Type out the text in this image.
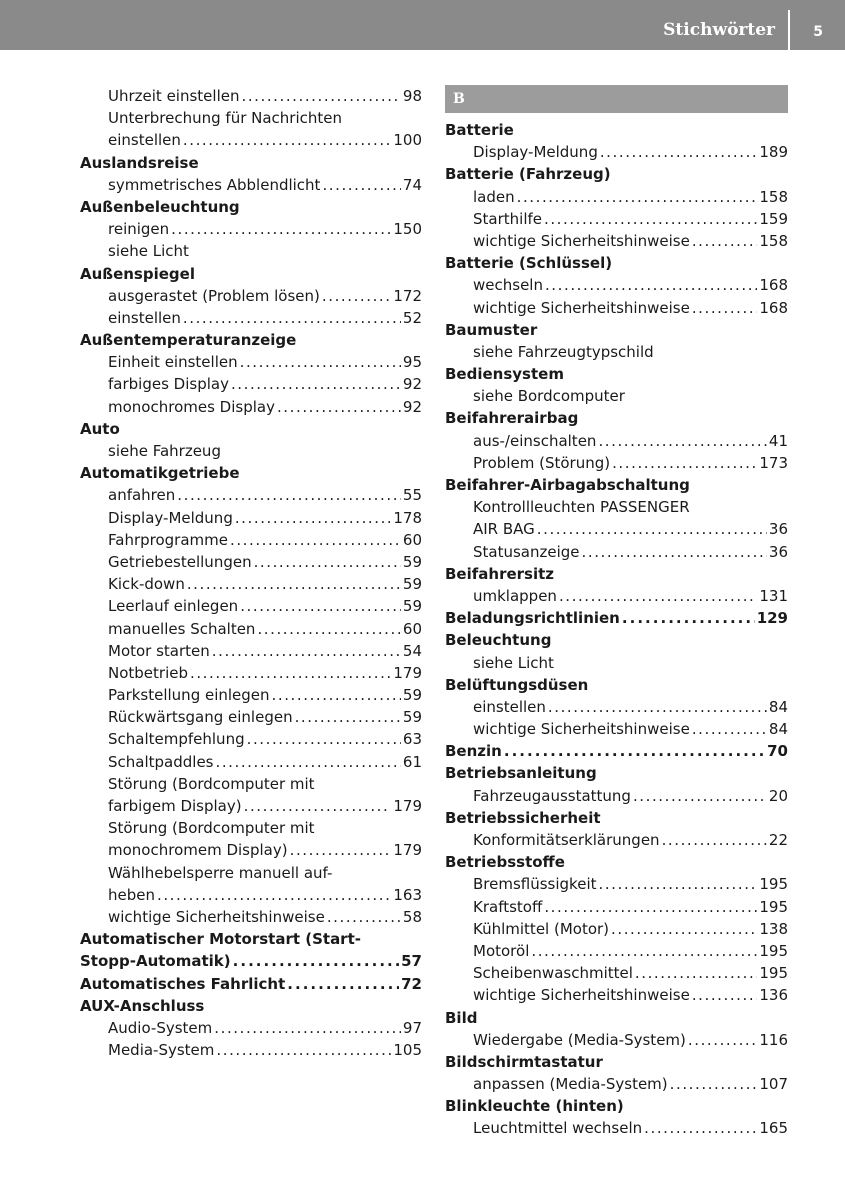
Stichwörter	5
Uhrzeit einstellen . . .	98
Unterbrechung für Nachrichten
einstellen . . .	100
Auslandsreise
symmetrisches Abblendlicht . . .	74
Außenbeleuchtung
reinigen . . .	150
siehe Licht
Außenspiegel
ausgerastet (Problem lösen) . . .	172
einstellen . . .	52
Außentemperaturanzeige
Einheit einstellen . . .	95
farbiges Display . . .	92
monochromes Display . . .	92
Auto
siehe Fahrzeug
Automatikgetriebe
anfahren . . .	55
Display-Meldung . . .	178
Fahrprogramme . . .	60
Getriebestellungen . . .	59
Kick-down . . .	59
Leerlauf einlegen . . .	59
manuelles Schalten . . .	60
Motor starten . . .	54
Notbetrieb . . .	179
Parkstellung einlegen . . .	59
Rückwärtsgang einlegen . . .	59
Schaltempfehlung . . .	63
Schaltpaddles . . .	61
Störung (Bordcomputer mit
farbigem Display) . . .	179
Störung (Bordcomputer mit
monochromem Display) . . .	179
Wählhebelsperre manuell auf-
heben . . .	163
wichtige Sicherheitshinweise . . .	58
Automatischer Motorstart (Start-
Stopp-Automatik) . . .	57
Automatisches Fahrlicht . . .	72
AUX-Anschluss
Audio-System . . .	97
Media-System . . .	105
B
Batterie
Display-Meldung . . .	189
Batterie (Fahrzeug)
laden . . .	158
Starthilfe . . .	159
wichtige Sicherheitshinweise . . .	158
Batterie (Schlüssel)
wechseln . . .	168
wichtige Sicherheitshinweise . . .	168
Baumuster
siehe Fahrzeugtypschild
Bediensystem
siehe Bordcomputer
Beifahrerairbag
aus-/einschalten . . .	41
Problem (Störung) . . .	173
Beifahrer-Airbagabschaltung
Kontrollleuchten PASSENGER
AIR BAG . . .	36
Statusanzeige . . .	36
Beifahrersitz
umklappen . . .	131
Beladungsrichtlinien . . .	129
Beleuchtung
siehe Licht
Belüftungsdüsen
einstellen . . .	84
wichtige Sicherheitshinweise . . .	84
Benzin . . .	70
Betriebsanleitung
Fahrzeugausstattung . . .	20
Betriebssicherheit
Konformitätserklärungen . . .	22
Betriebsstoffe
Bremsflüssigkeit . . .	195
Kraftstoff . . .	195
Kühlmittel (Motor) . . .	138
Motoröl . . .	195
Scheibenwaschmittel . . .	195
wichtige Sicherheitshinweise . . .	136
Bild
Wiedergabe (Media-System) . . .	116
Bildschirmtastatur
anpassen (Media-System) . . .	107
Blinkleuchte (hinten)
Leuchtmittel wechseln . . .	165
